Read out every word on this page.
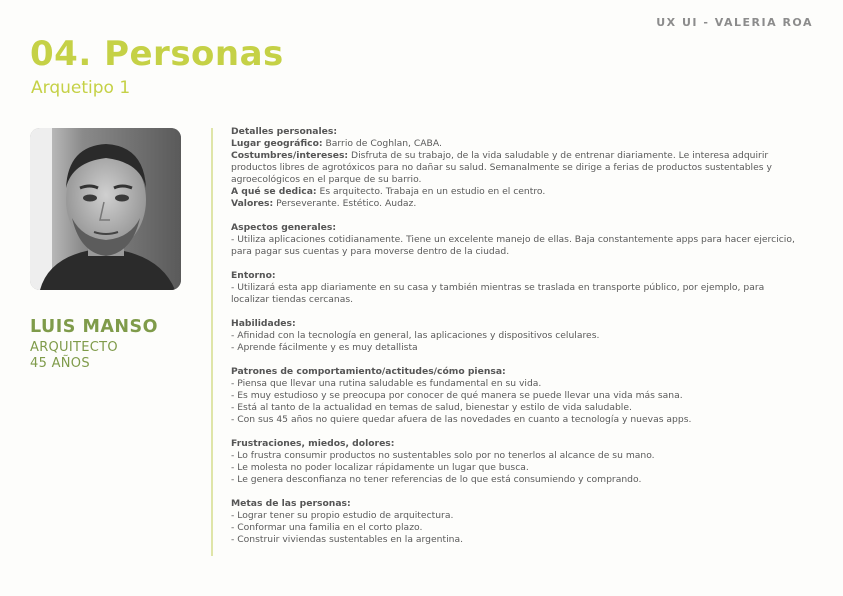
UX UI - VALERIA ROA
04. Personas
Arquetipo 1
LUIS MANSO
ARQUITECTO
45 AÑOS

Detalles personales:

Lugar geográfico: Barrio de Coghlan, CABA.

Costumbres/intereses: Disfruta de su trabajo, de la vida saludable y de entrenar diariamente. Le interesa adquirir productos libres de agrotóxicos para no dañar su salud. Semanalmente se dirige a ferias de productos sustentables y agroecológicos en el parque de su barrio.

A qué se dedica: Es arquitecto. Trabaja en un estudio en el centro.

Valores: Perseverante. Estético. Audaz.

Aspectos generales:

- Utiliza aplicaciones cotidianamente. Tiene un excelente manejo de ellas. Baja constantemente apps para hacer ejercicio, para pagar sus cuentas y para moverse dentro de la ciudad.

Entorno:

- Utilizará esta app diariamente en su casa y también mientras se traslada en transporte público, por ejemplo, para localizar tiendas cercanas.

Habilidades:

- Afinidad con la tecnología en general, las aplicaciones y dispositivos celulares.

- Aprende fácilmente y es muy detallista

Patrones de comportamiento/actitudes/cómo piensa:

- Piensa que llevar una rutina saludable es fundamental en su vida.

- Es muy estudioso y se preocupa por conocer de qué manera se puede llevar una vida más sana.

- Está al tanto de la actualidad en temas de salud, bienestar y estilo de vida saludable.

- Con sus 45 años no quiere quedar afuera de las novedades en cuanto a tecnología y nuevas apps.

Frustraciones, miedos, dolores:

- Lo frustra consumir productos no sustentables solo por no tenerlos al alcance de su mano.

- Le molesta no poder localizar rápidamente un lugar que busca.

- Le genera desconfianza no tener referencias de lo que está consumiendo y comprando.

Metas de las personas:

- Lograr tener su propio estudio de arquitectura.

- Conformar una familia en el corto plazo.

- Construir viviendas sustentables en la argentina.
